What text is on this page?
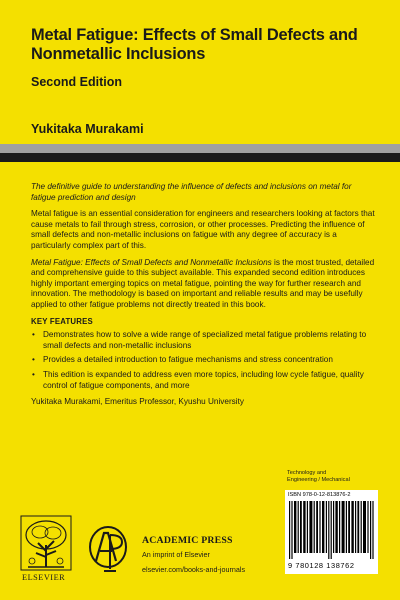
Metal Fatigue: Effects of Small Defects and Nonmetallic Inclusions
Second Edition
Yukitaka Murakami

The definitive guide to understanding the influence of defects and inclusions on metal for fatigue prediction and design

Metal fatigue is an essential consideration for engineers and researchers looking at factors that cause metals to fail through stress, corrosion, or other processes. Predicting the influence of small defects and non-metallic inclusions on fatigue with any degree of accuracy is a particularly complex part of this.

Metal Fatigue: Effects of Small Defects and Nonmetallic Inclusions is the most trusted, detailed and comprehensive guide to this subject available. This expanded second edition introduces highly important emerging topics on metal fatigue, pointing the way for further research and innovation. The methodology is based on important and reliable results and may be usefully applied to other fatigue problems not directly treated in this book.

KEY FEATURES
• Demonstrates how to solve a wide range of specialized metal fatigue problems relating to small defects and non-metallic inclusions
• Provides a detailed introduction to fatigue mechanisms and stress concentration
• This edition is expanded to address even more topics, including low cycle fatigue, quality control of fatigue components, and more

Yukitaka Murakami, Emeritus Professor, Kyushu University

Technology and
Engineering / Mechanical
ISBN 978-0-12-813876-2
9 780128 138762
ELSEVIER
ACADEMIC PRESS
An imprint of Elsevier
elsevier.com/books-and-journals
